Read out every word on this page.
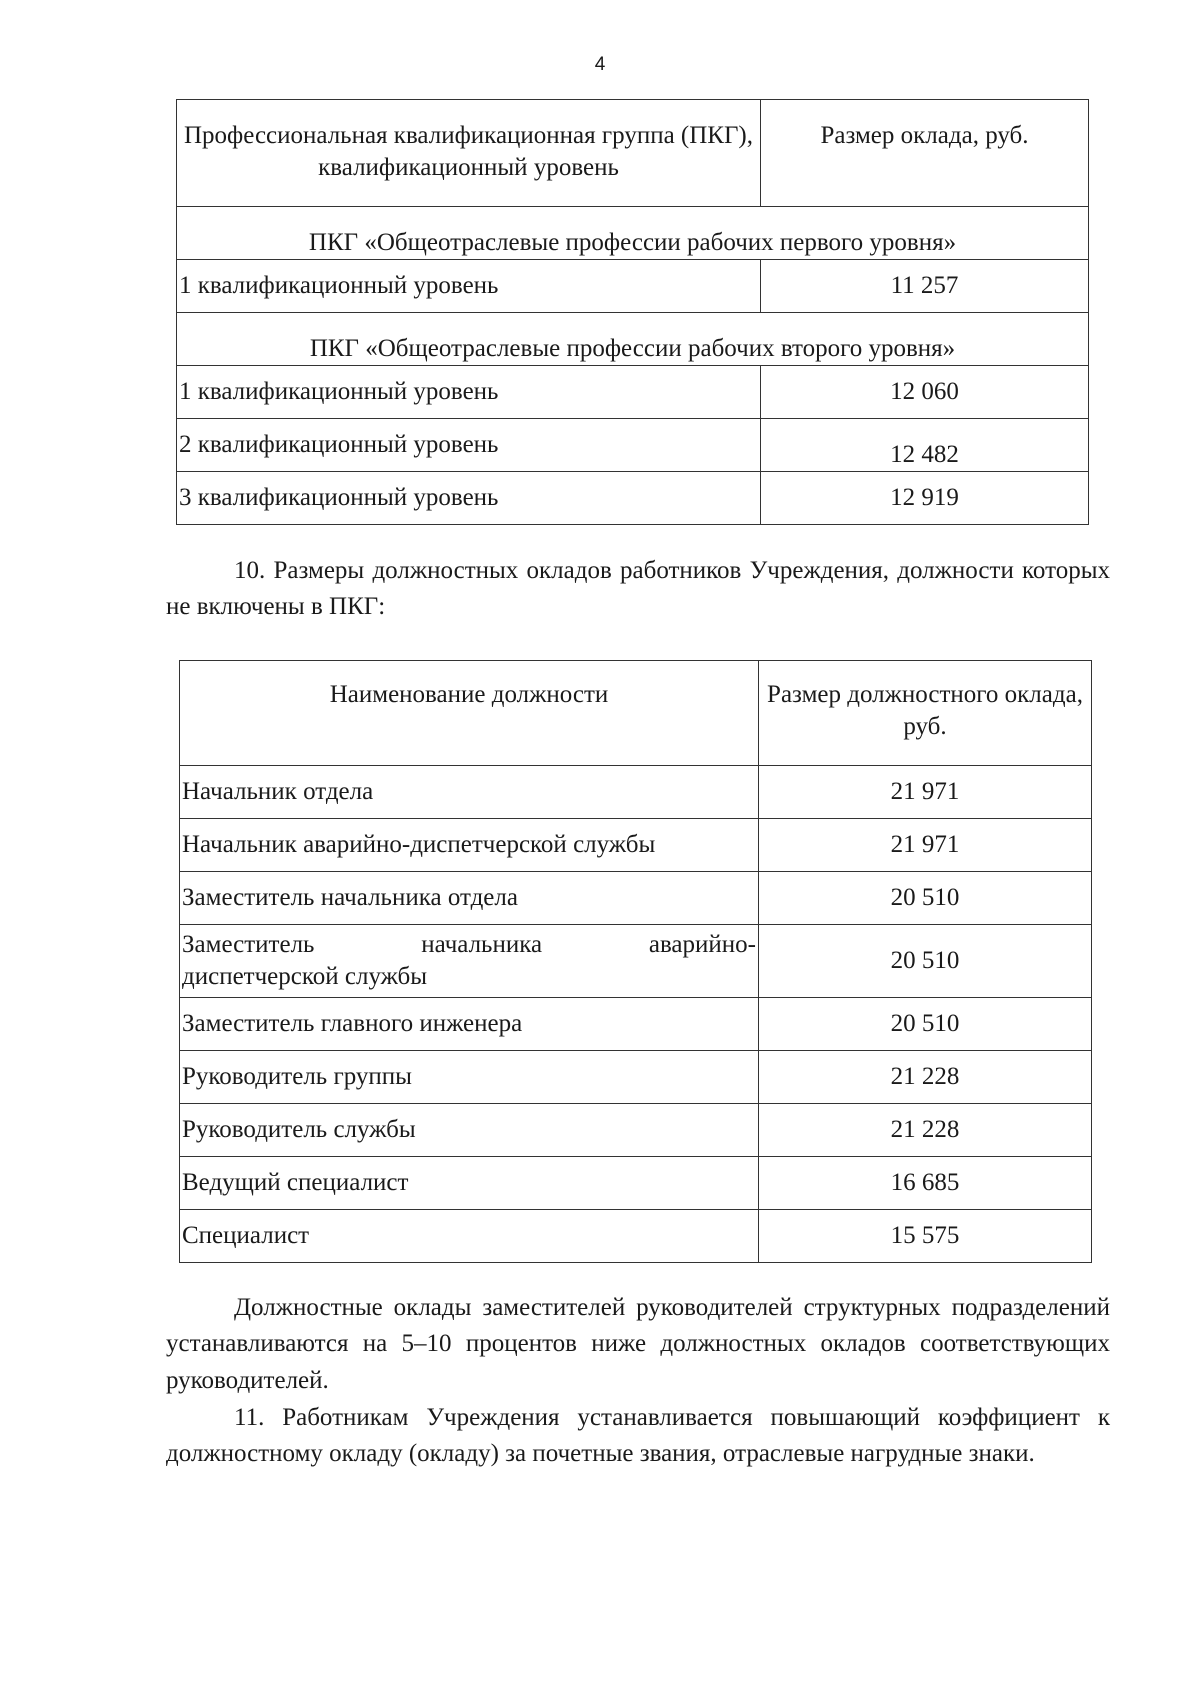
4
Профессиональная квалификационная группа (ПКГ), квалификационный уровень	Размер оклада, руб.
ПКГ «Общеотраслевые профессии рабочих первого уровня»	
1 квалификационный уровень	11 257
ПКГ «Общеотраслевые профессии рабочих второго уровня»	
1 квалификационный уровень	12 060
2 квалификационный уровень	12 482
3 квалификационный уровень	12 919

10. Размеры должностных окладов работников Учреждения, должности которых не включены в ПКГ:

Наименование должности	Размер должностного оклада, руб.
Начальник отдела	21 971
Начальник аварийно-диспетчерской службы	21 971
Заместитель начальника отдела	20 510

Заместитель начальника аварийно-
диспетчерской службы	20 510
Заместитель главного инженера	20 510
Руководитель группы	21 228
Руководитель службы	21 228
Ведущий специалист	16 685
Специалист	15 575

Должностные оклады заместителей руководителей структурных подразделений устанавливаются на 5–10 процентов ниже должностных окладов соответствующих руководителей.

11. Работникам Учреждения устанавливается повышающий коэффициент к должностному окладу (окладу) за почетные звания, отраслевые нагрудные знаки.
